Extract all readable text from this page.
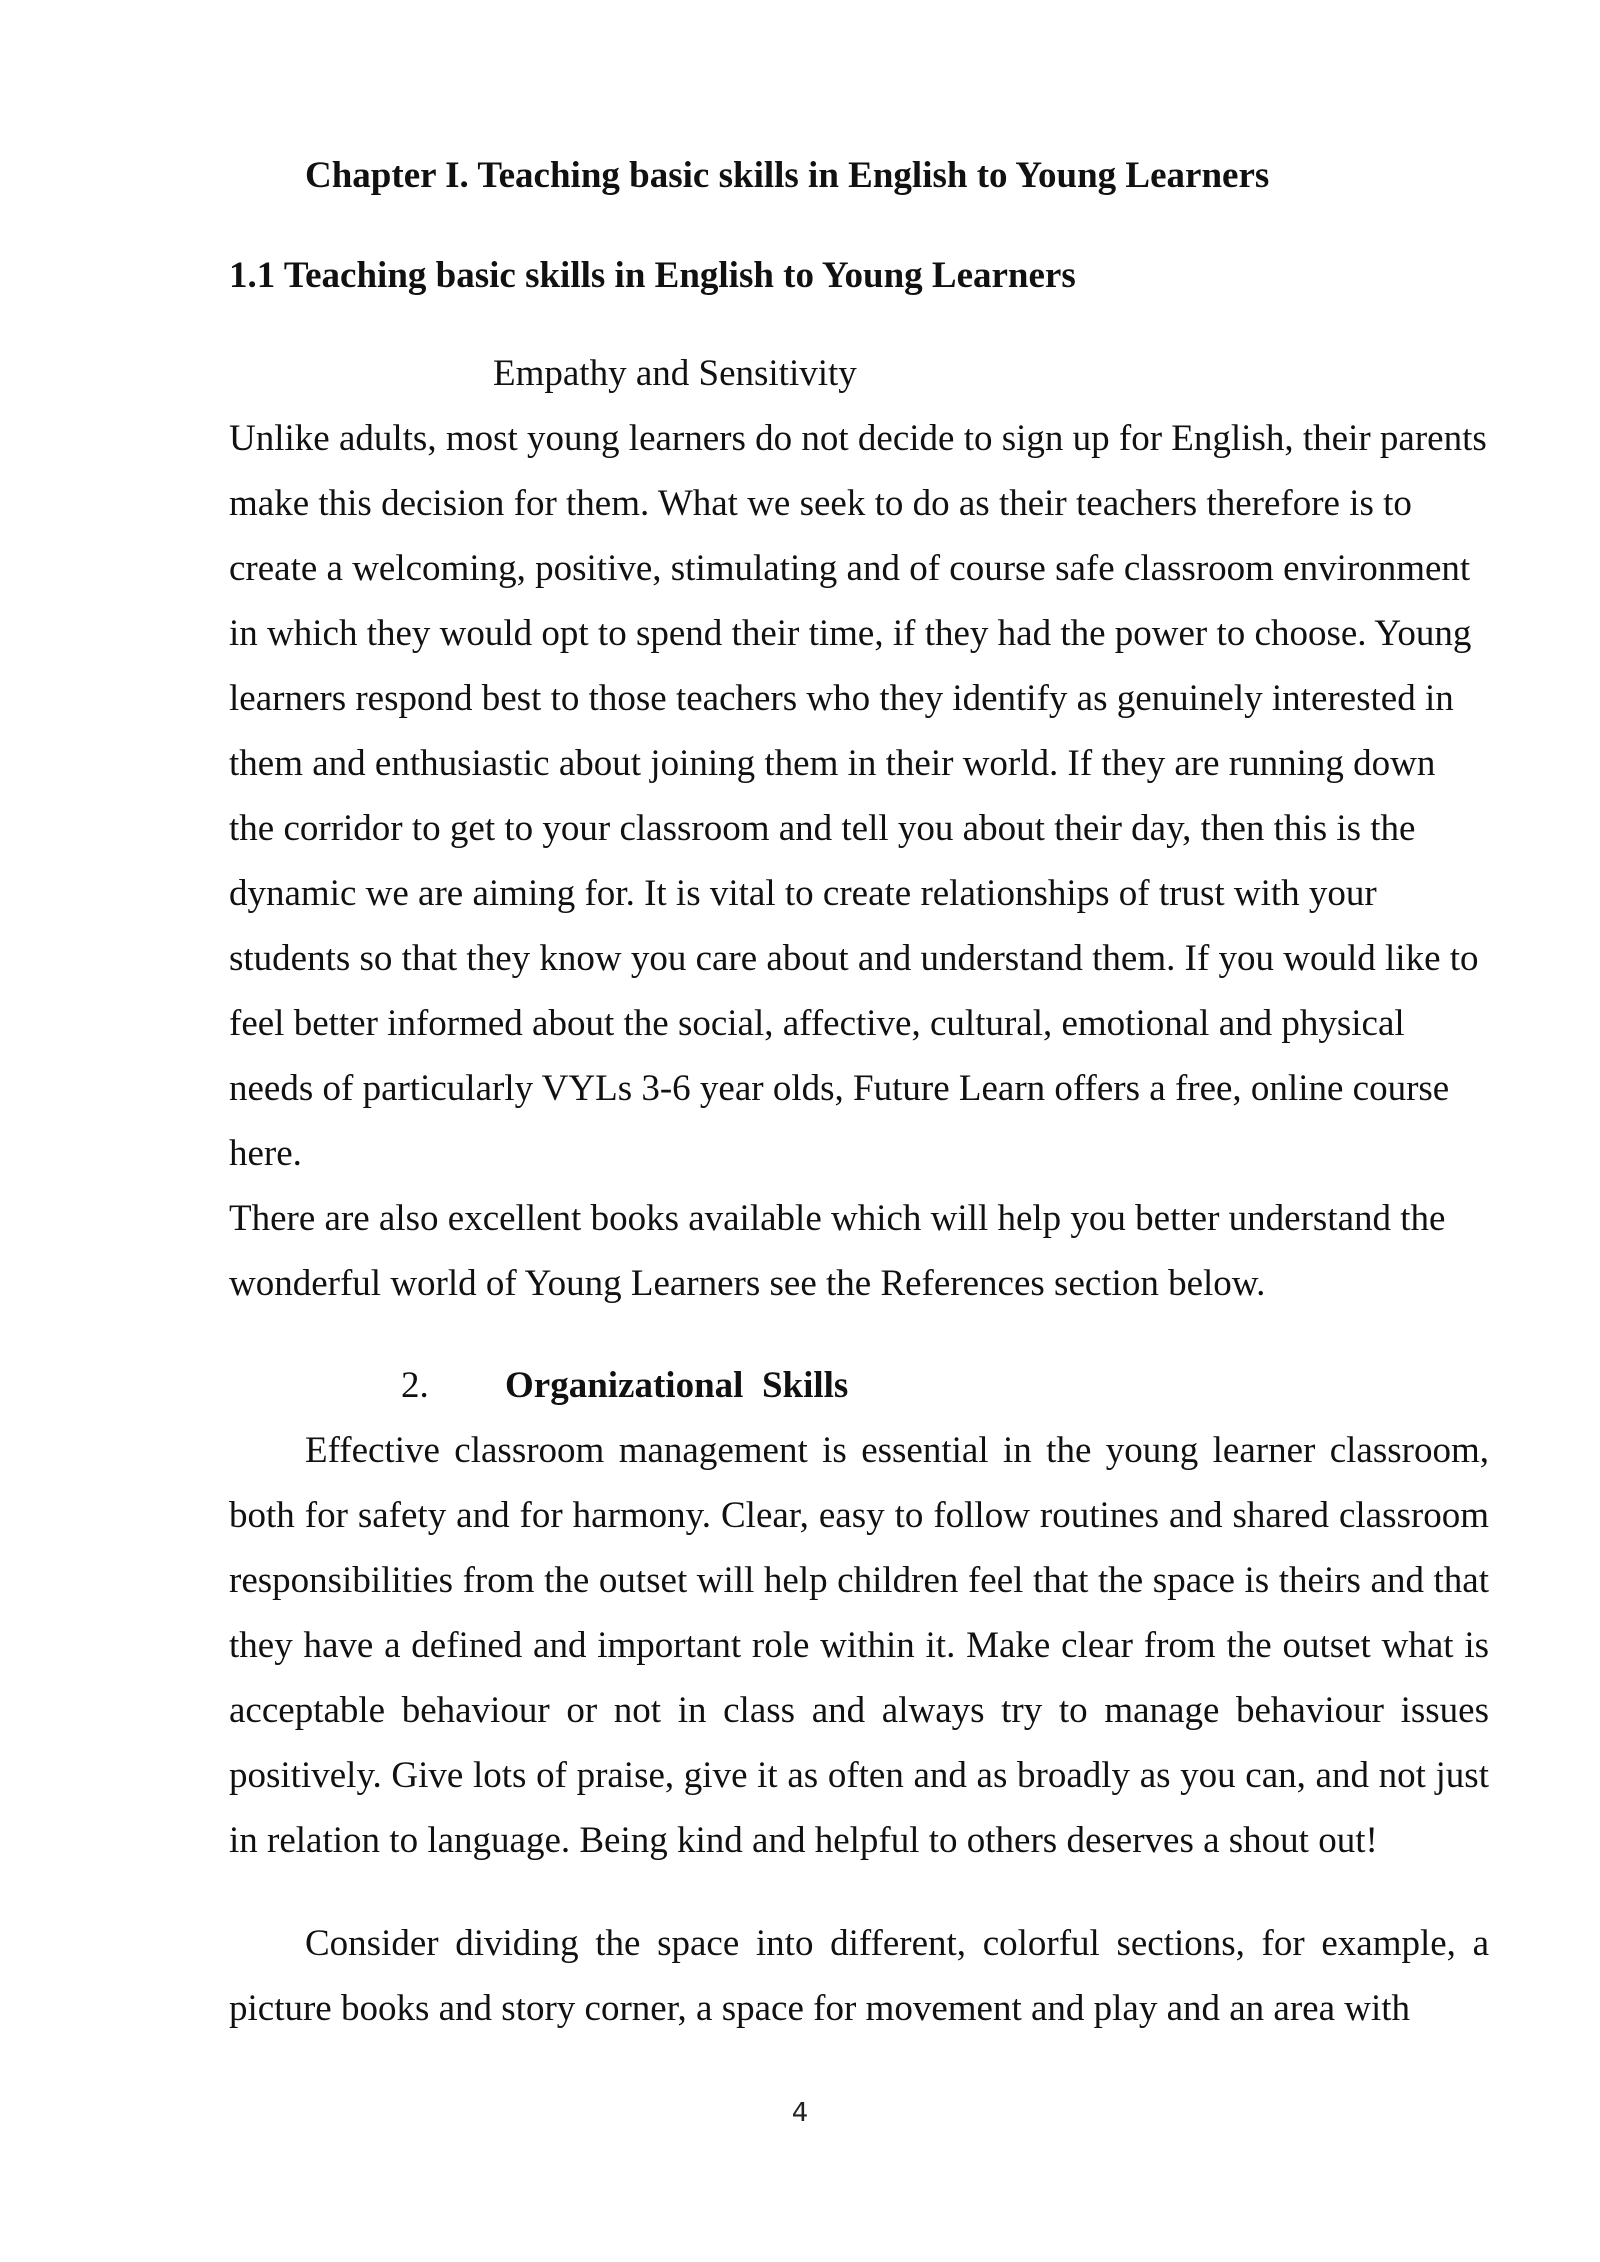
Chapter I. Teaching basic skills in English to Young Learners
1.1 Teaching basic skills in English to Young Learners

Empathy and Sensitivity

Unlike adults, most young learners do not decide to sign up for English, their parents make this decision for them. What we seek to do as their teachers therefore is to create a welcoming, positive, stimulating and of course safe classroom environment in which they would opt to spend their time, if they had the power to choose. Young learners respond best to those teachers who they identify as genuinely interested in them and enthusiastic about joining them in their world. If they are running down the corridor to get to your classroom and tell you about their day, then this is the dynamic we are aiming for. It is vital to create relationships of trust with your students so that they know you care about and understand them. If you would like to feel better informed about the social, affective, cultural, emotional and physical needs of particularly VYLs 3-6 year olds, Future Learn offers a free, online course here.

There are also excellent books available which will help you better understand the wonderful world of Young Learners see the References section below.

2.	Organizational  Skills

Effective classroom management is essential in the young learner classroom, both for safety and for harmony. Clear, easy to follow routines and shared classroom responsibilities from the outset will help children feel that the space is theirs and that they have a defined and important role within it. Make clear from the outset what is acceptable behaviour or not in class and always try to manage behaviour issues positively. Give lots of praise, give it as often and as broadly as you can, and not just in relation to language. Being kind and helpful to others deserves a shout out!

Consider dividing the space into different, colorful sections, for example, a picture books and story corner, a space for movement and play and an area with

4
